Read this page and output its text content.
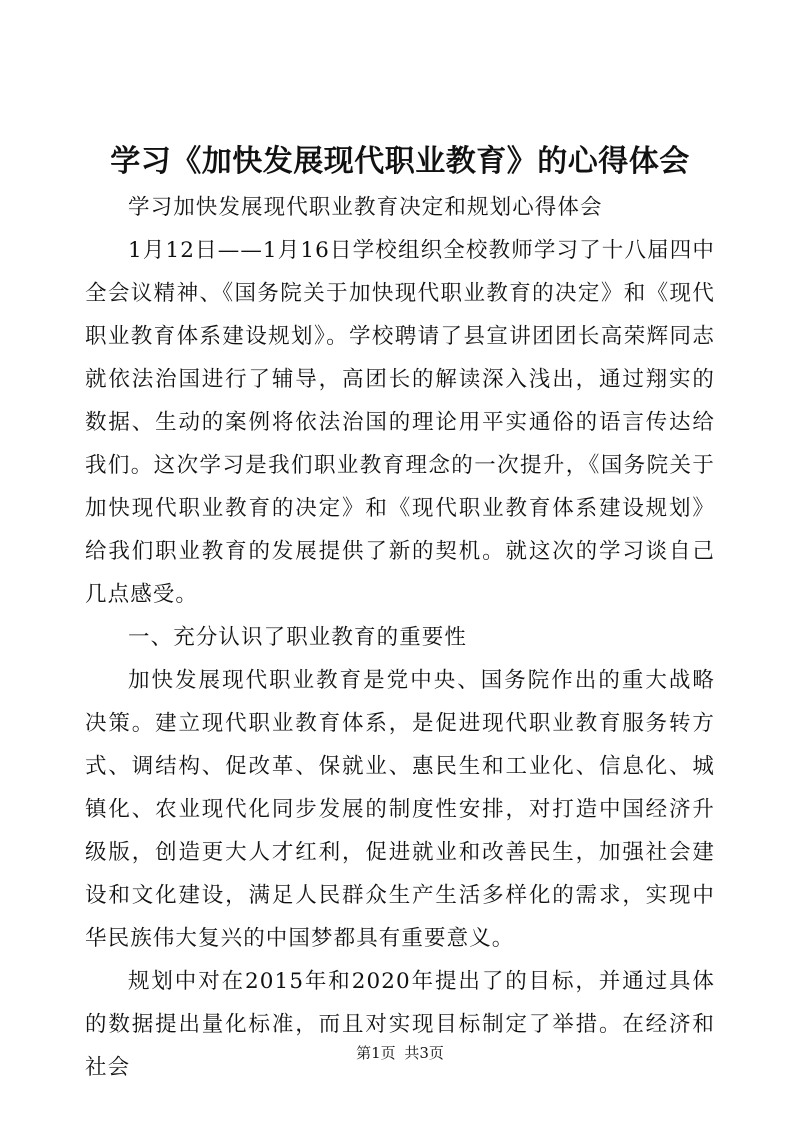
学习《加快发展现代职业教育》的心得体会

学习加快发展现代职业教育决定和规划心得体会

1月12日——1月16日学校组织全校教师学习了十八届四中全会议精神、《国务院关于加快现代职业教育的决定》和《现代职业教育体系建设规划》。学校聘请了县宣讲团团长高荣辉同志就依法治国进行了辅导，高团长的解读深入浅出，通过翔实的数据、生动的案例将依法治国的理论用平实通俗的语言传达给我们。这次学习是我们职业教育理念的一次提升，《国务院关于加快现代职业教育的决定》和《现代职业教育体系建设规划》给我们职业教育的发展提供了新的契机。就这次的学习谈自己几点感受。

一、充分认识了职业教育的重要性

加快发展现代职业教育是党中央、国务院作出的重大战略决策。建立现代职业教育体系，是促进现代职业教育服务转方式、调结构、促改革、保就业、惠民生和工业化、信息化、城镇化、农业现代化同步发展的制度性安排，对打造中国经济升级版，创造更大人才红利，促进就业和改善民生，加强社会建设和文化建设，满足人民群众生产生活多样化的需求，实现中华民族伟大复兴的中国梦都具有重要意义。

规划中对在2015年和2020年提出了的目标，并通过具体的数据提出量化标准，而且对实现目标制定了举措。在经济和社会

第1页 共3页
